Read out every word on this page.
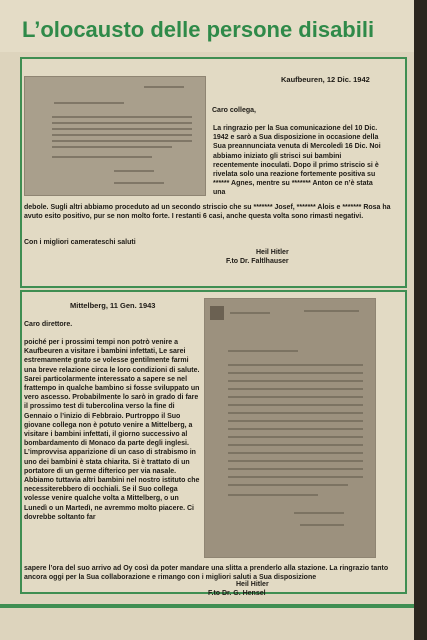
L’olocausto delle persone disabili
Kaufbeuren, 12 Dic. 1942
Caro collega,

La ringrazio per la Sua comunicazione del 10 Dic. 1942 e sarò a Sua disposizione in occasione della Sua preannunciata venuta di Mercoledì 16 Dic. Noi abbiamo iniziato gli strisci sui bambini recentemente inoculati. Dopo il primo striscio si è rivelata solo una reazione fortemente positiva su ****** Agnes, mentre su ******* Anton ce n’è stata una

debole. Sugli altri abbiamo proceduto ad un secondo striscio che su ******* Josef, ******* Alois e ******* Rosa ha avuto esito positivo, pur se non molto forte. I restanti 6 casi, anche questa volta sono rimasti negativi.

Con i migliori camerateschi saluti
Heil Hitler
F.to Dr. Faltlhauser
Mittelberg, 11 Gen. 1943
Caro direttore.

poiché per i prossimi tempi non potrò venire a Kaufbeuren a visitare i bambini infettati, Le sarei estremamente grato se volesse gentilmente farmi una breve relazione circa le loro condizioni di salute. Sarei particolarmente interessato a sapere se nel frattempo in qualche bambino si fosse sviluppato un vero ascesso. Probabilmente lo sarò in grado di fare il prossimo test di tubercolina verso la fine di Gennaio o l’inizio di Febbraio. Purtroppo il Suo giovane collega non è potuto venire a Mittelberg, a visitare i bambini infettati, il giorno successivo al bombardamento di Monaco da parte degli inglesi. L’improvvisa apparizione di un caso di strabismo in uno dei bambini è stata chiarita. Si è trattato di un portatore di un germe difterico per via nasale. Abbiamo tuttavia altri bambini nel nostro istituto che necessiterebbero di occhiali. Se il Suo collega volesse venire qualche volta a Mittelberg, o un Lunedì o un Martedì, ne avremmo molto piacere. Ci dovrebbe soltanto far

sapere l’ora del suo arrivo ad Oy così da poter mandare una slitta a prenderlo alla stazione. La ringrazio tanto ancora oggi per la Sua collaborazione e rimango con i migliori saluti a Sua disposizione

Heil Hitler
F.to Dr. G. Hensel
